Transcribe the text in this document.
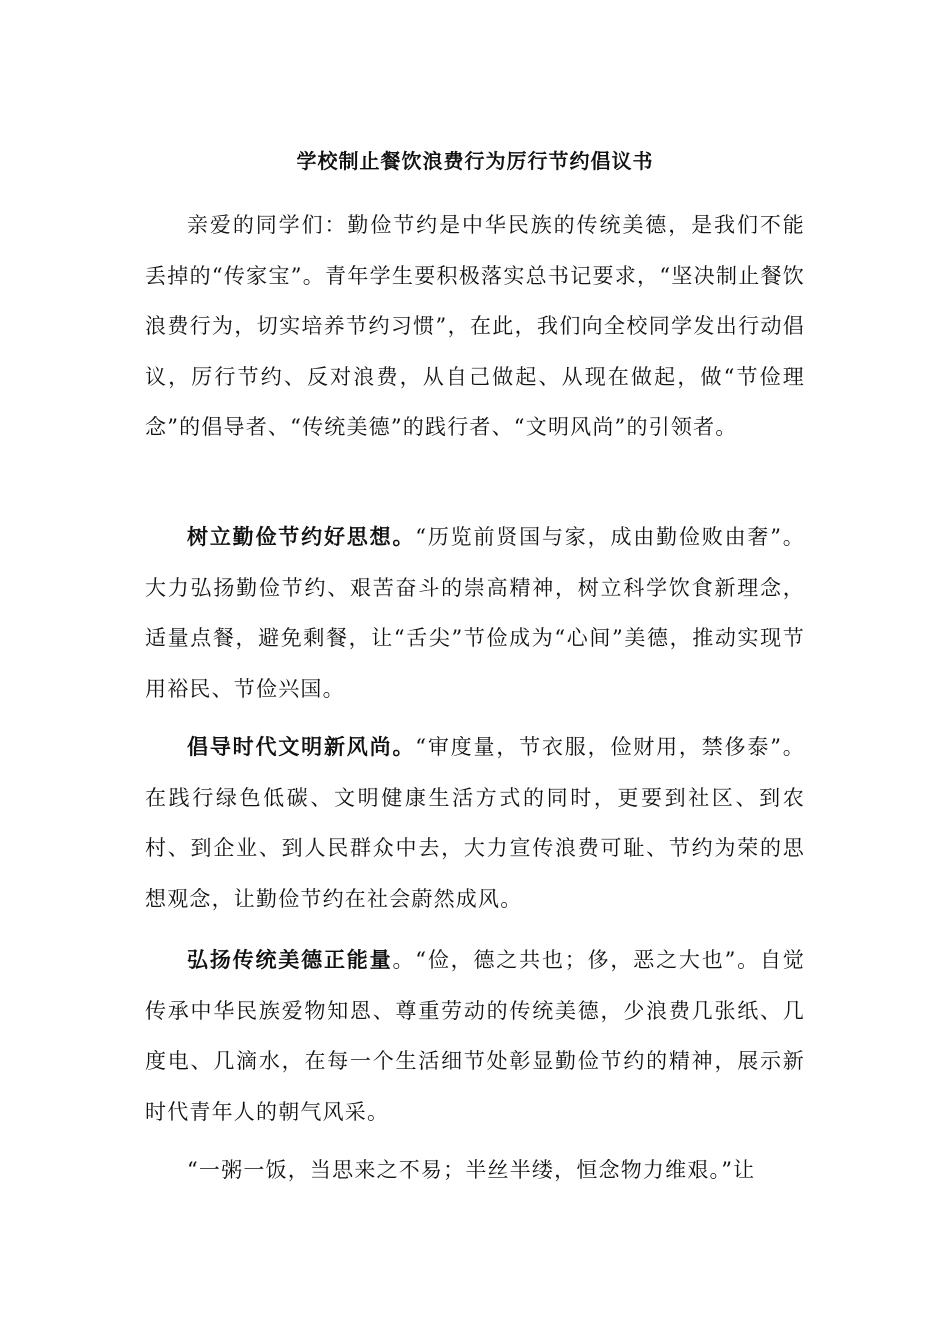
学校制止餐饮浪费行为厉行节约倡议书

亲爱的同学们：勤俭节约是中华民族的传统美德，是我们不能丢掉的“传家宝”。青年学生要积极落实总书记要求，“坚决制止餐饮浪费行为，切实培养节约习惯”，在此，我们向全校同学发出行动倡议，厉行节约、反对浪费，从自己做起、从现在做起，做“节俭理念”的倡导者、“传统美德”的践行者、“文明风尚”的引领者。

树立勤俭节约好思想。“历览前贤国与家，成由勤俭败由奢”。大力弘扬勤俭节约、艰苦奋斗的崇高精神，树立科学饮食新理念，适量点餐，避免剩餐，让“舌尖”节俭成为“心间”美德，推动实现节用裕民、节俭兴国。

倡导时代文明新风尚。“审度量，节衣服，俭财用，禁侈泰”。在践行绿色低碳、文明健康生活方式的同时，更要到社区、到农村、到企业、到人民群众中去，大力宣传浪费可耻、节约为荣的思想观念，让勤俭节约在社会蔚然成风。

弘扬传统美德正能量。“俭，德之共也；侈，恶之大也”。自觉传承中华民族爱物知恩、尊重劳动的传统美德，少浪费几张纸、几度电、几滴水，在每一个生活细节处彰显勤俭节约的精神，展示新时代青年人的朝气风采。

“一粥一饭，当思来之不易；半丝半缕，恒念物力维艰。”让
